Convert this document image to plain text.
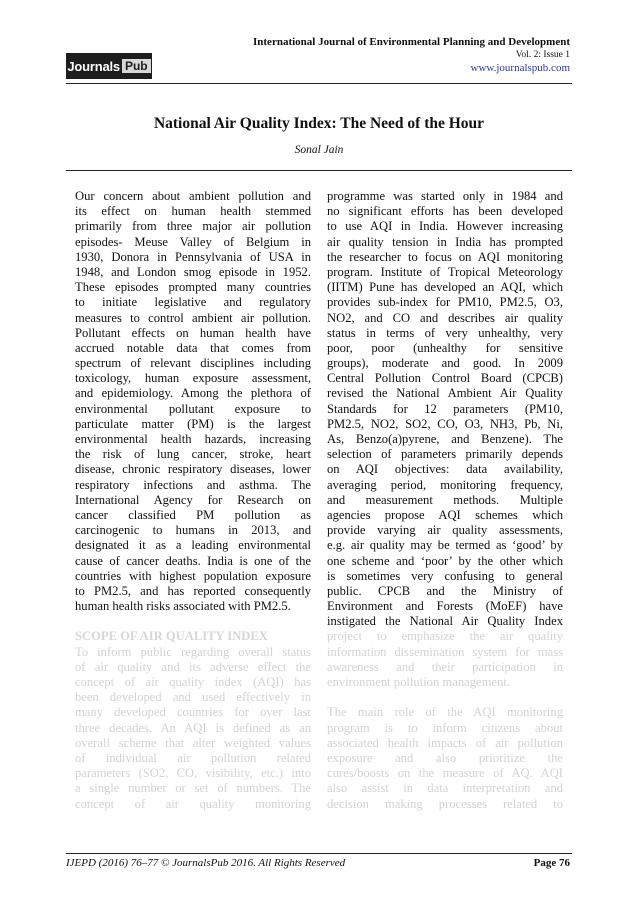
Journals Pub
International Journal of Environmental Planning and Development
Vol. 2: Issue 1
www.journalspub.com
National Air Quality Index: The Need of the Hour
Sonal Jain
Our concern about ambient pollution and
its effect on human health stemmed
primarily from three major air pollution
episodes- Meuse Valley of Belgium in
1930, Donora in Pennsylvania of USA in
1948, and London smog episode in 1952.
These episodes prompted many countries
to initiate legislative and regulatory
measures to control ambient air pollution.
Pollutant effects on human health have
accrued notable data that comes from
spectrum of relevant disciplines including
toxicology, human exposure assessment,
and epidemiology. Among the plethora of
environmental pollutant exposure to
particulate matter (PM) is the largest
environmental health hazards, increasing
the risk of lung cancer, stroke, heart
disease, chronic respiratory diseases, lower
respiratory infections and asthma. The
International Agency for Research on
cancer classified PM pollution as
carcinogenic to humans in 2013, and
designated it as a leading environmental
cause of cancer deaths. India is one of the
countries with highest population exposure
to PM2.5, and has reported consequently
human health risks associated with PM2.5.
SCOPE OF AIR QUALITY INDEX
To inform public regarding overall status
of air quality and its adverse effect the
concept of air quality index (AQI) has
been developed and used effectively in
many developed countries for over last
three decades. An AQI is defined as an
overall scheme that alter weighted values
of individual air pollution related
parameters (SO2, CO, visibility, etc.) into
a single number or set of numbers. The
concept of air quality monitoring
programme was started only in 1984 and
no significant efforts has been developed
to use AQI in India. However increasing
air quality tension in India has prompted
the researcher to focus on AQI monitoring
program. Institute of Tropical Meteorology
(IITM) Pune has developed an AQI, which
provides sub-index for PM10, PM2.5, O3,
NO2, and CO and describes air quality
status in terms of very unhealthy, very
poor, poor (unhealthy for sensitive
groups), moderate and good. In 2009
Central Pollution Control Board (CPCB)
revised the National Ambient Air Quality
Standards for 12 parameters (PM10,
PM2.5, NO2, SO2, CO, O3, NH3, Pb, Ni,
As, Benzo(a)pyrene, and Benzene). The
selection of parameters primarily depends
on AQI objectives: data availability,
averaging period, monitoring frequency,
and measurement methods. Multiple
agencies propose AQI schemes which
provide varying air quality assessments,
e.g. air quality may be termed as ‘good’ by
one scheme and ‘poor’ by the other which
is sometimes very confusing to general
public. CPCB and the Ministry of
Environment and Forests (MoEF) have
instigated the National Air Quality Index
project to emphasize the air quality
information dissemination system for mass
awareness and their participation in
environment pollution management.
The main role of the AQI monitoring
program is to inform citizens about
associated health impacts of air pollution
exposure and also prioritize the
cures/boosts on the measure of AQ. AQI
also assist in data interpretation and
decision making processes related to
IJEPD (2016) 76–77 © JournalsPub 2016. All Rights Reserved	Page 76
